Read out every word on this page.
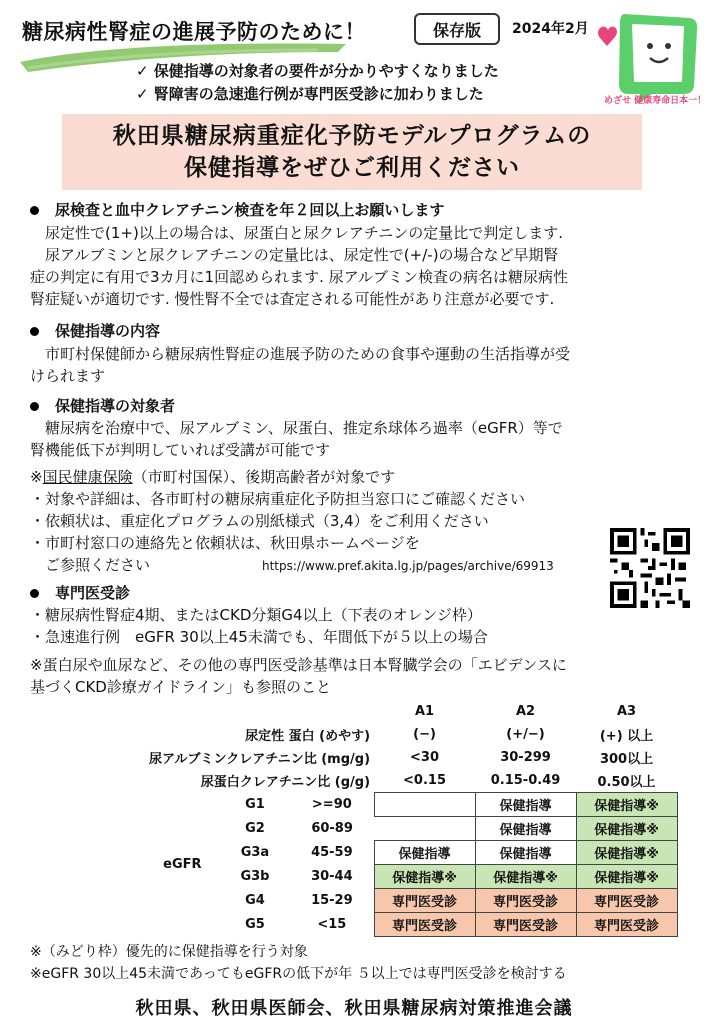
糖尿病性腎症の進展予防のために！	保存版	2024年2月
めざせ 健康寿命日本一！
✓ 保健指導の対象者の要件が分かりやすくなりました
✓ 腎障害の急速進行例が専門医受診に加わりました
秋田県糖尿病重症化予防モデルプログラムの
保健指導をぜひご利用ください
尿検査と血中クレアチニン検査を年２回以上お願いします
　尿定性で(1+)以上の場合は、尿蛋白と尿クレアチニンの定量比で判定します.
　尿アルブミンと尿クレアチニンの定量比は、尿定性で(+/-)の場合など早期腎
症の判定に有用で3カ月に1回認められます. 尿アルブミン検査の病名は糖尿病性
腎症疑いが適切です. 慢性腎不全では査定される可能性があり注意が必要です.
保健指導の内容
　市町村保健師から糖尿病性腎症の進展予防のための食事や運動の生活指導が受
けられます
保健指導の対象者
　糖尿病を治療中で、尿アルブミン、尿蛋白、推定糸球体ろ過率（eGFR）等で
腎機能低下が判明していれば受講が可能です
※国民健康保険（市町村国保）、後期高齢者が対象です
・対象や詳細は、各市町村の糖尿病重症化予防担当窓口にご確認ください
・依頼状は、重症化プログラムの別紙様式（3,4）をご利用ください
・市町村窓口の連絡先と依頼状は、秋田県ホームページを
　ご参照ください	https://www.pref.akita.lg.jp/pages/archive/69913
専門医受診
・糖尿病性腎症4期、またはCKD分類G4以上（下表のオレンジ枠）
・急速進行例　eGFR 30以上45未満でも、年間低下が５以上の場合
※蛋白尿や血尿など、その他の専門医受診基準は日本腎臓学会の「エビデンスに
基づくCKD診療ガイドライン」も参照のこと
			A1	A2	A3
尿定性 蛋白 (めやす)			(−)	(+/−)	(+) 以上
尿アルブミンクレアチニン比 (mg/g)			<30	30-299	300以上
尿蛋白クレアチニン比 (g/g)			<0.15	0.15-0.49	0.50以上
eGFR	G1	>=90		保健指導	保健指導※
	G2	60-89		保健指導	保健指導※
	G3a	45-59	保健指導	保健指導	保健指導※
	G3b	30-44	保健指導※	保健指導※	保健指導※
	G4	15-29	専門医受診	専門医受診	専門医受診
	G5	<15	専門医受診	専門医受診	専門医受診
※（みどり枠）優先的に保健指導を行う対象
※eGFR 30以上45未満であってもeGFRの低下が年 ５以上では専門医受診を検討する
秋田県、秋田県医師会、秋田県糖尿病対策推進会議
